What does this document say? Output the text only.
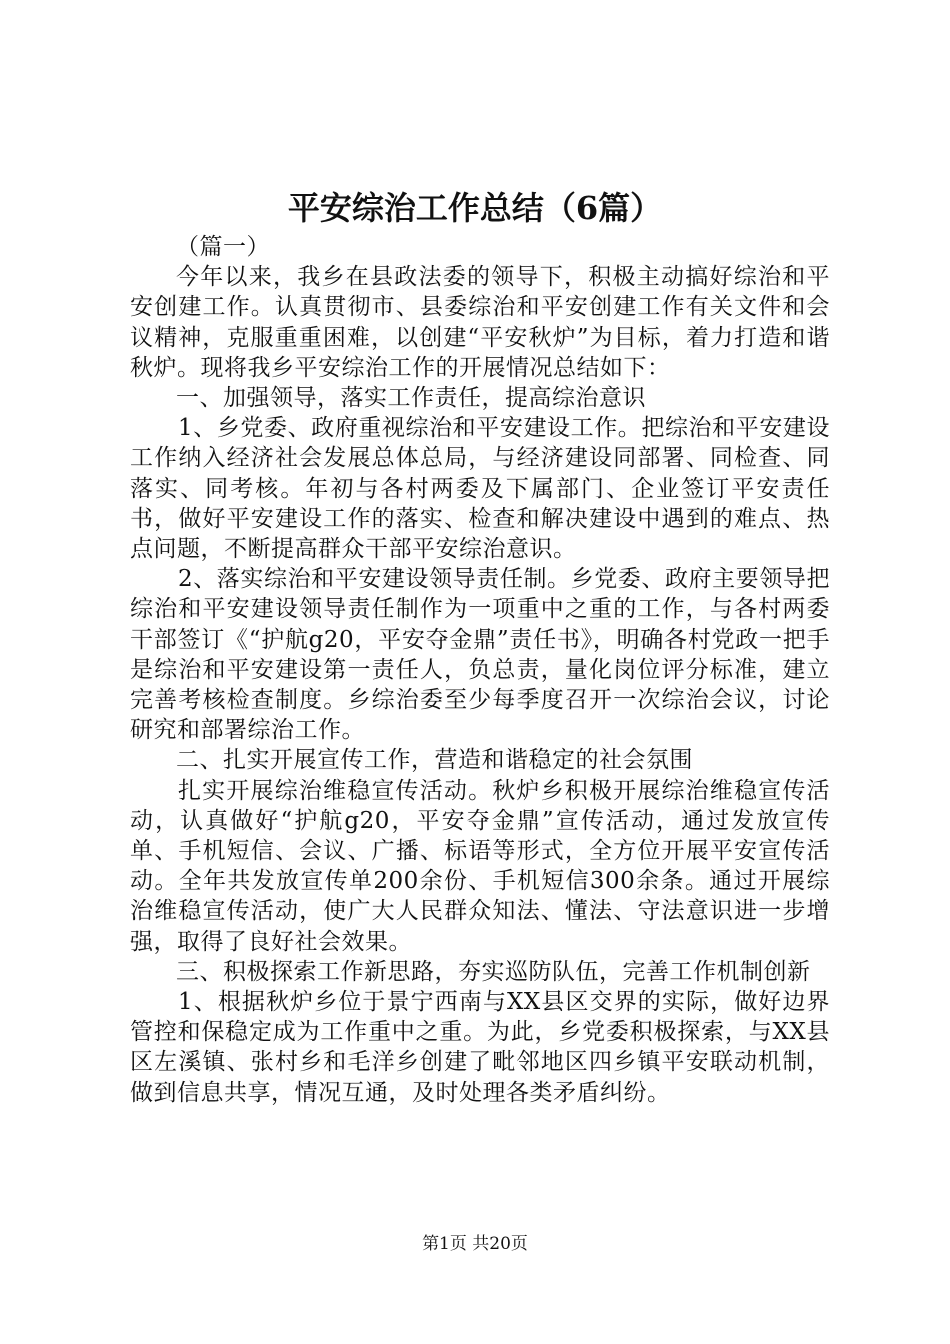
平安综治工作总结（6篇）

（篇一）

今年以来，我乡在县政法委的领导下，积极主动搞好综治和平安创建工作。认真贯彻市、县委综治和平安创建工作有关文件和会议精神，克服重重困难，以创建“平安秋炉”为目标，着力打造和谐秋炉。现将我乡平安综治工作的开展情况总结如下：

一、加强领导，落实工作责任，提高综治意识

1、乡党委、政府重视综治和平安建设工作。把综治和平安建设工作纳入经济社会发展总体总局，与经济建设同部署、同检查、同落实、同考核。年初与各村两委及下属部门、企业签订平安责任书，做好平安建设工作的落实、检查和解决建设中遇到的难点、热点问题，不断提高群众干部平安综治意识。

2、落实综治和平安建设领导责任制。乡党委、政府主要领导把综治和平安建设领导责任制作为一项重中之重的工作，与各村两委干部签订《“护航g20，平安夺金鼎”责任书》，明确各村党政一把手是综治和平安建设第一责任人，负总责，量化岗位评分标准，建立完善考核检查制度。乡综治委至少每季度召开一次综治会议，讨论研究和部署综治工作。

二、扎实开展宣传工作，营造和谐稳定的社会氛围

扎实开展综治维稳宣传活动。秋炉乡积极开展综治维稳宣传活动，认真做好“护航g20，平安夺金鼎”宣传活动，通过发放宣传单、手机短信、会议、广播、标语等形式，全方位开展平安宣传活动。全年共发放宣传单200余份、手机短信300余条。通过开展综治维稳宣传活动，使广大人民群众知法、懂法、守法意识进一步增强，取得了良好社会效果。

三、积极探索工作新思路，夯实巡防队伍，完善工作机制创新

1、根据秋炉乡位于景宁西南与XX县区交界的实际，做好边界管控和保稳定成为工作重中之重。为此，乡党委积极探索，与XX县区左溪镇、张村乡和毛洋乡创建了毗邻地区四乡镇平安联动机制，做到信息共享，情况互通，及时处理各类矛盾纠纷。

第1页 共20页
